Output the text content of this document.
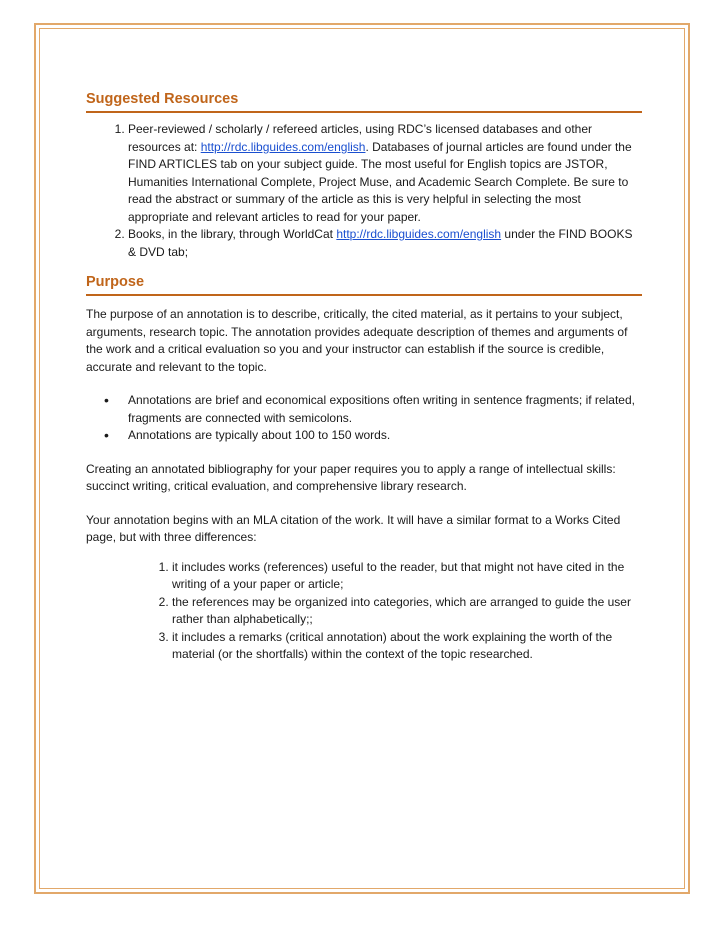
Suggested Resources
1. Peer-reviewed / scholarly / refereed articles, using RDC’s licensed databases and other resources at: http://rdc.libguides.com/english. Databases of journal articles are found under the FIND ARTICLES tab on your subject guide. The most useful for English topics are JSTOR, Humanities International Complete, Project Muse, and Academic Search Complete. Be sure to read the abstract or summary of the article as this is very helpful in selecting the most appropriate and relevant articles to read for your paper.
2. Books, in the library, through WorldCat http://rdc.libguides.com/english under the FIND BOOKS & DVD tab;
Purpose

The purpose of an annotation is to describe, critically, the cited material, as it pertains to your subject, arguments, research topic. The annotation provides adequate description of themes and arguments of the work and a critical evaluation so you and your instructor can establish if the source is credible, accurate and relevant to the topic.

• Annotations are brief and economical expositions often writing in sentence fragments; if related, fragments are connected with semicolons.
• Annotations are typically about 100 to 150 words.

Creating an annotated bibliography for your paper requires you to apply a range of intellectual skills: succinct writing, critical evaluation, and comprehensive library research.

Your annotation begins with an MLA citation of the work. It will have a similar format to a Works Cited page, but with three differences:

1. it includes works (references) useful to the reader, but that might not have cited in the writing of a your paper or article;
2. the references may be organized into categories, which are arranged to guide the user rather than alphabetically;;
3. it includes a remarks (critical annotation) about the work explaining the worth of the material (or the shortfalls) within the context of the topic researched.
